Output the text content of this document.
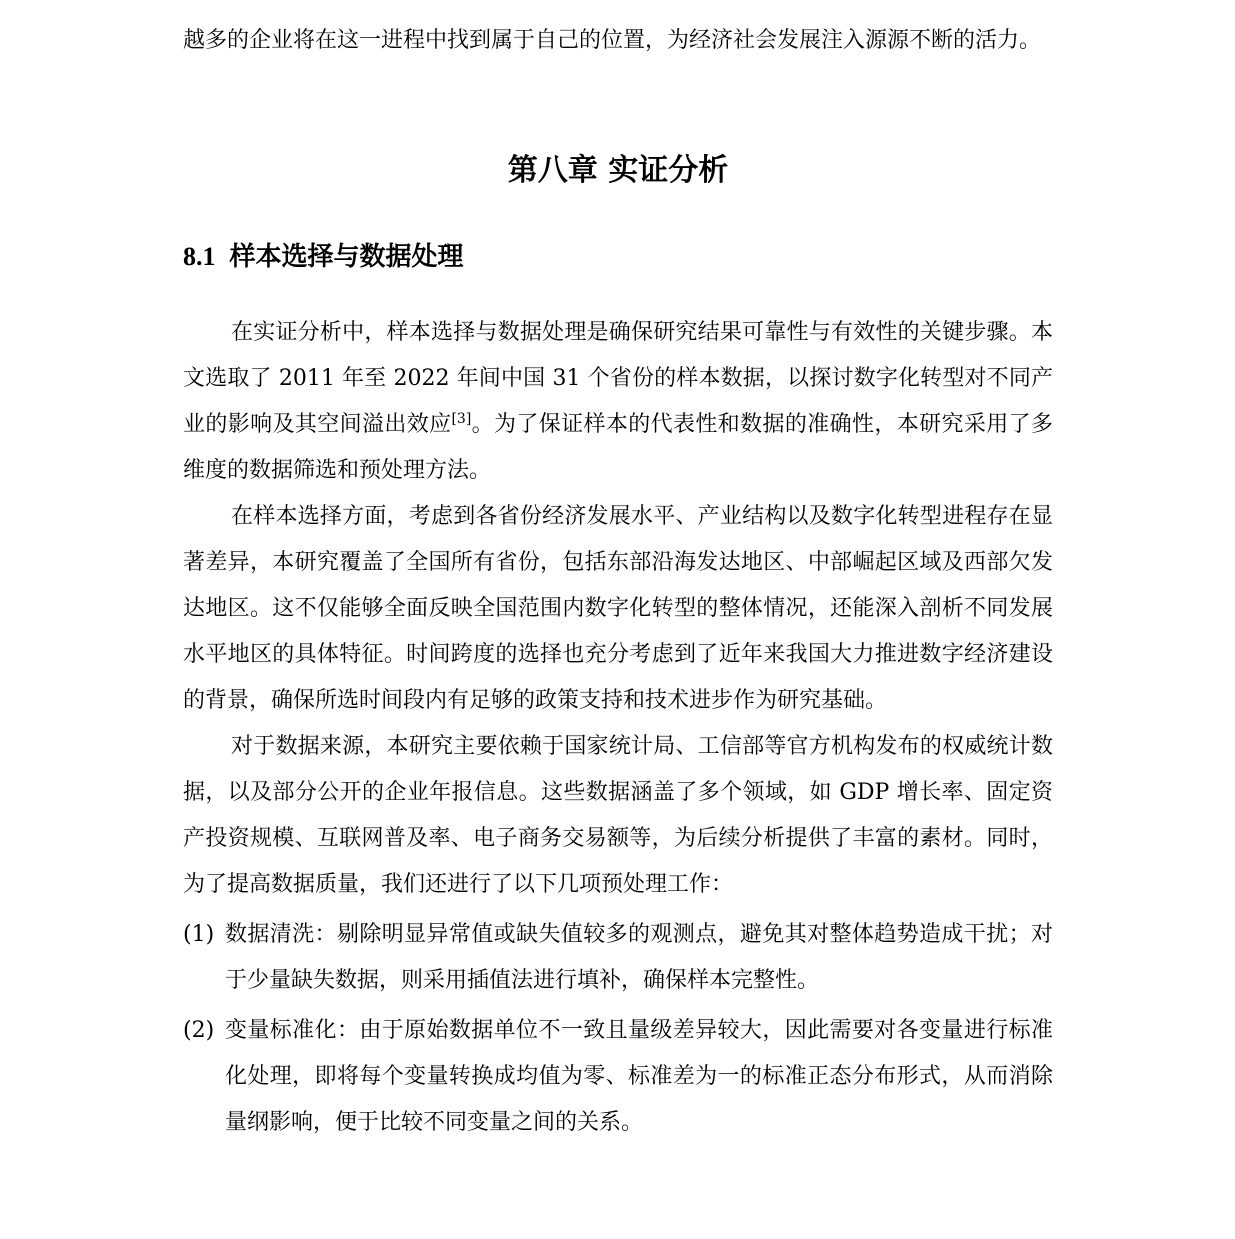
越多的企业将在这一进程中找到属于自己的位置，为经济社会发展注入源源不断的活力。

第八章 实证分析
8.1 样本选择与数据处理

在实证分析中，样本选择与数据处理是确保研究结果可靠性与有效性的关键步骤。本文选取了 2011 年至 2022 年间中国 31 个省份的样本数据，以探讨数字化转型对不同产业的影响及其空间溢出效应[3]。为了保证样本的代表性和数据的准确性，本研究采用了多维度的数据筛选和预处理方法。

在样本选择方面，考虑到各省份经济发展水平、产业结构以及数字化转型进程存在显著差异，本研究覆盖了全国所有省份，包括东部沿海发达地区、中部崛起区域及西部欠发达地区。这不仅能够全面反映全国范围内数字化转型的整体情况，还能深入剖析不同发展水平地区的具体特征。时间跨度的选择也充分考虑到了近年来我国大力推进数字经济建设的背景，确保所选时间段内有足够的政策支持和技术进步作为研究基础。

对于数据来源，本研究主要依赖于国家统计局、工信部等官方机构发布的权威统计数据，以及部分公开的企业年报信息。这些数据涵盖了多个领域，如 GDP 增长率、固定资产投资规模、互联网普及率、电子商务交易额等，为后续分析提供了丰富的素材。同时，为了提高数据质量，我们还进行了以下几项预处理工作：

(1) 数据清洗：剔除明显异常值或缺失值较多的观测点，避免其对整体趋势造成干扰；对于少量缺失数据，则采用插值法进行填补，确保样本完整性。

(2) 变量标准化：由于原始数据单位不一致且量级差异较大，因此需要对各变量进行标准化处理，即将每个变量转换成均值为零、标准差为一的标准正态分布形式，从而消除量纲影响，便于比较不同变量之间的关系。
